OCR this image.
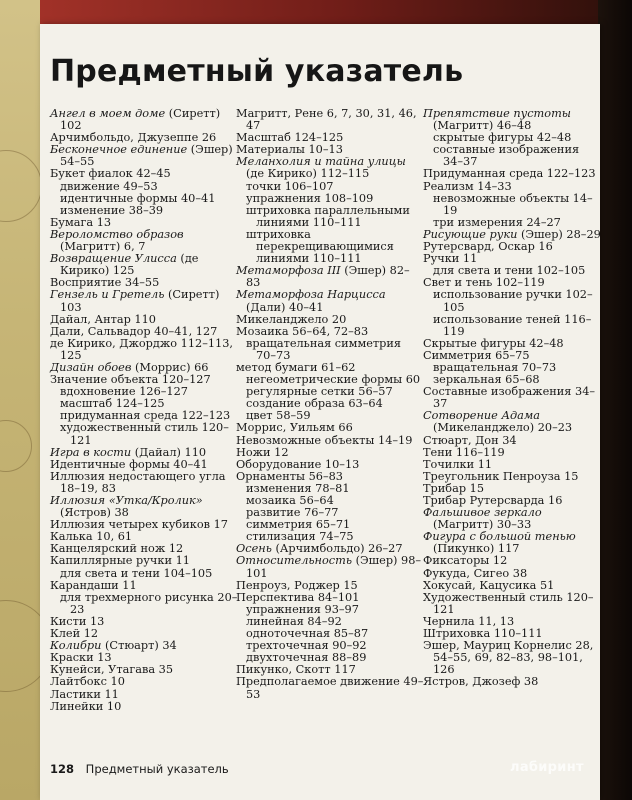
Предметный указатель

Ангел в моем доме (Сиретт) 102

Арчимбольдо, Джузеппе 26

Бесконечное единение (Эшер) 54–55

Букет фиалок 42–45

движение 49–53

идентичные формы 40–41

изменение 38–39

Бумага 13

Вероломство образов (Магритт) 6, 7

Возвращение Улисса (де Кирико) 125

Восприятие 34–55

Гензель и Гретель (Сиретт) 103

Дайал, Антар 110

Дали, Сальвадор 40–41, 127

де Кирико, Джорджо 112–113, 125

Дизайн обоев (Моррис) 66

Значение объекта 120–127

вдохновение 126–127

масштаб 124–125

придуманная среда 122–123

художественный стиль 120–121

Игра в кости (Дайал) 110

Идентичные формы 40–41

Иллюзия недостающего угла 18–19, 83

Иллюзия «Утка/Кролик» (Ястров) 38

Иллюзия четырех кубиков 17

Калька 10, 61

Канцелярский нож 12

Капиллярные ручки 11

для света и тени 104–105

Карандаши 11

для трехмерного рисунка 20–23

Кисти 13

Клей 12

Колибри (Стюарт) 34

Краски 13

Кунейси, Утагава 35

Лайтбокс 10

Ластики 11

Линейки 10

Магритт, Рене 6, 7, 30, 31, 46, 47

Масштаб 124–125

Материалы 10–13

Меланхолия и тайна улицы (де Кирико) 112–115

точки 106–107

упражнения 108–109

штриховка параллельными линиями 110–111

штриховка перекрещивающимися линиями 110–111

Метаморфоза III (Эшер) 82–83

Метаморфоза Нарцисса (Дали) 40–41

Микеланджело 20

Мозаика 56–64, 72–83

вращательная симметрия 70–73

метод бумаги 61–62

негеометрические формы 60

регулярные сетки 56–57

создание образа 63–64

цвет 58–59

Моррис, Уильям 66

Невозможные объекты 14–19

Ножи 12

Оборудование 10–13

Орнаменты 56–83

изменения 78–81

мозаика 56–64

развитие 76–77

симметрия 65–71

стилизация 74–75

Осень (Арчимбольдо) 26–27

Относительность (Эшер) 98–101

Пенроуз, Роджер 15

Перспектива 84–101

упражнения 93–97

линейная 84–92

одноточечная 85–87

трехточечная 90–92

двухточечная 88–89

Пикунко, Скотт 117

Предполагаемое движение 49–53

Препятствие пустоты (Магритт) 46–48

скрытые фигуры 42–48

составные изображения 34–37

Придуманная среда 122–123

Реализм 14–33

невозможные объекты 14–19

три измерения 24–27

Рисующие руки (Эшер) 28–29

Рутерсвард, Оскар 16

Ручки 11

для света и тени 102–105

Свет и тень 102–119

использование ручки 102–105

использование теней 116–119

Скрытые фигуры 42–48

Симметрия 65–75

вращательная 70–73

зеркальная 65–68

Составные изображения 34–37

Сотворение Адама (Микеланджело) 20–23

Стюарт, Дон 34

Тени 116–119

Точилки 11

Треугольник Пенроуза 15

Трибар 15

Трибар Рутерсварда 16

Фальшивое зеркало (Магритт) 30–33

Фигура с большой тенью (Пикунко) 117

Фиксаторы 12

Фукуда, Сигео 38

Хокусай, Кацусика 51

Художественный стиль 120–121

Чернила 11, 13

Штриховка 110–111

Эшер, Мауриц Корнелис 28, 54–55, 69, 82–83, 98–101, 126

Ястров, Джозеф 38

128 Предметный указатель	лабиринт
